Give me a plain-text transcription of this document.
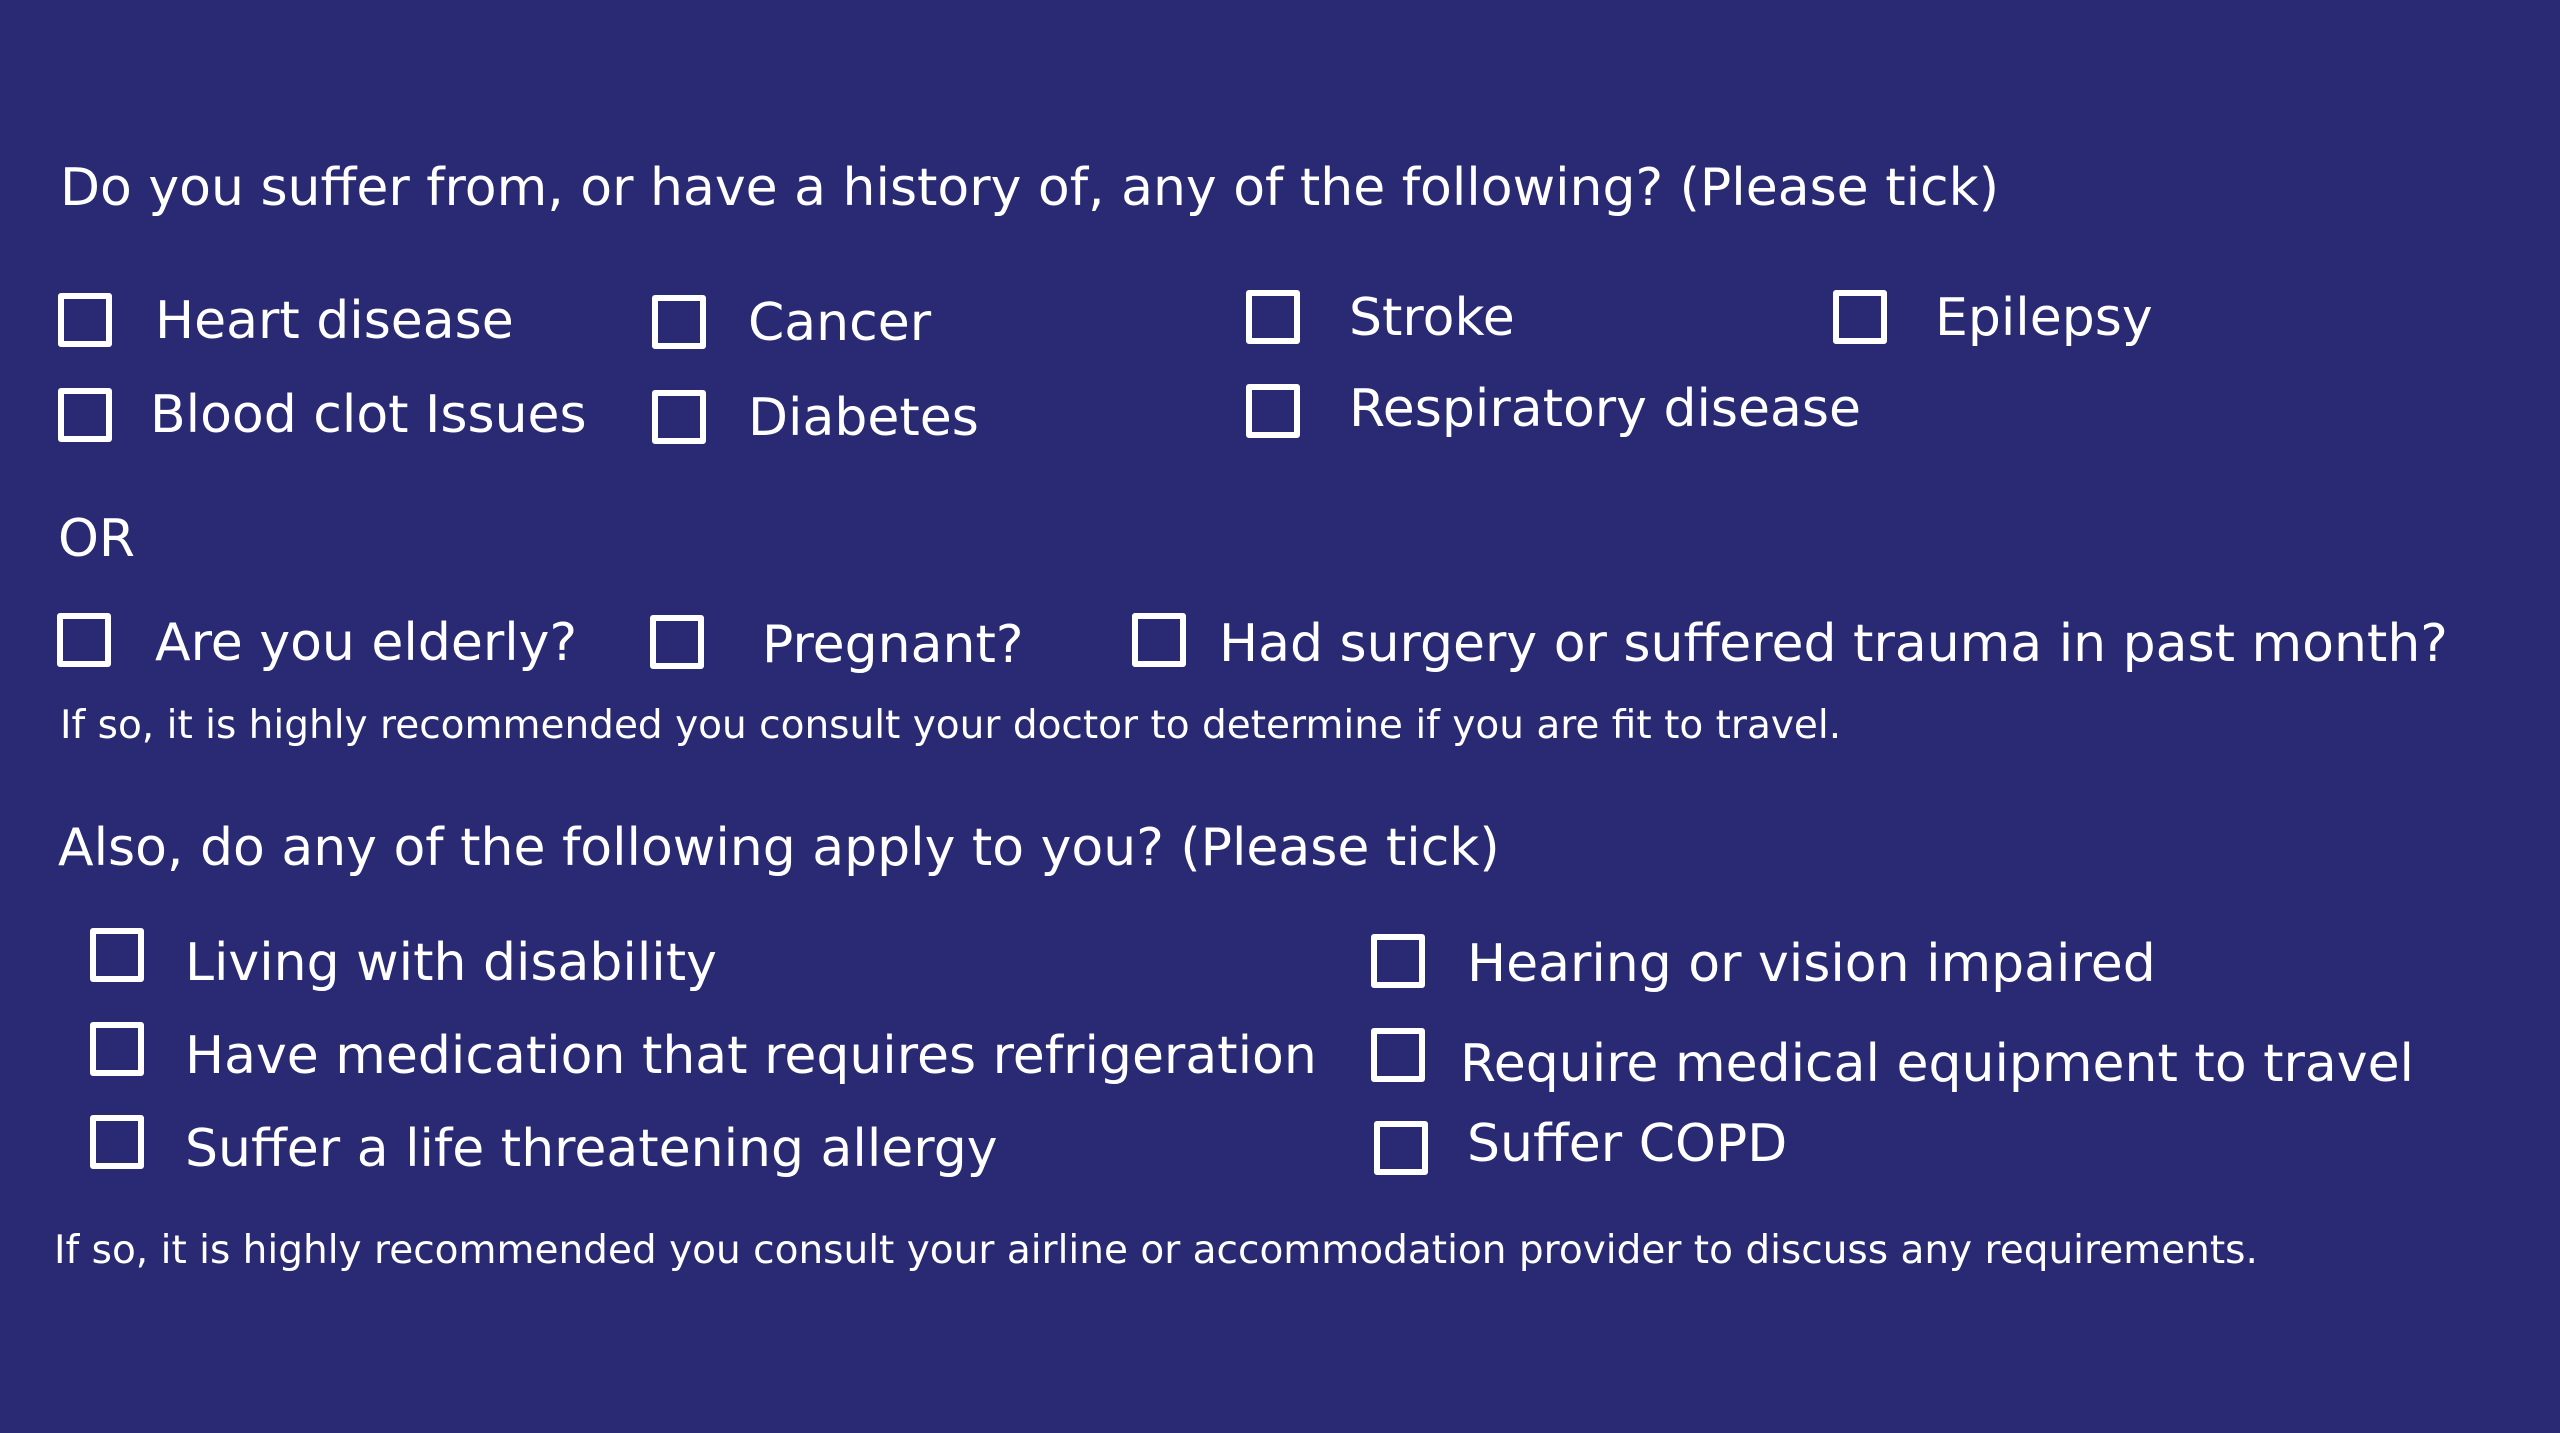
Do you suffer from, or have a history of, any of the following? (Please tick)
Heart disease	Cancer	Stroke	Epilepsy
Blood clot Issues	Diabetes	Respiratory disease
OR
Are you elderly?	Pregnant?	Had surgery or suffered trauma in past month?
If so, it is highly recommended you consult your doctor to determine if you are fit to travel.
Also, do any of the following apply to you? (Please tick)
Living with disability
Have medication that requires refrigeration
Suffer a life threatening allergy
Hearing or vision impaired
Require medical equipment to travel
Suffer COPD
If so, it is highly recommended you consult your airline or accommodation provider to discuss any requirements.
